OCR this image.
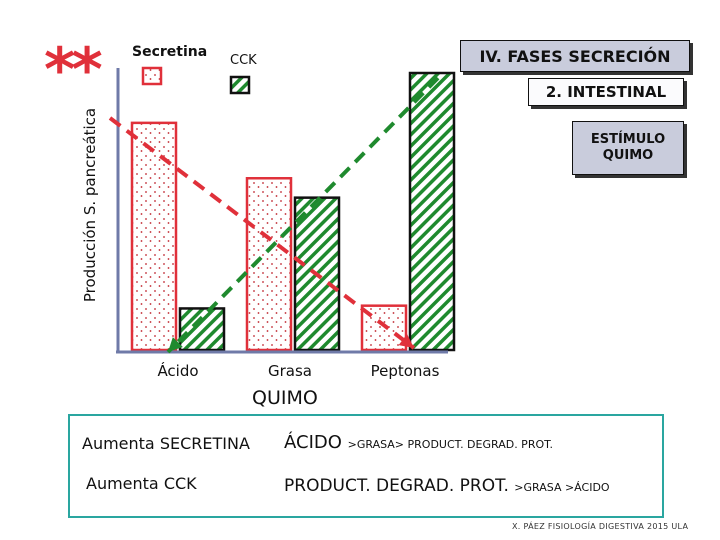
Ácido	Grasa	Peptonas
**
Producción S. pancreática
Secretina
CCK	IV. FASES SECRECIÓN
2. INTESTINAL
ESTÍMULO
QUIMO
QUIMO
Aumenta SECRETINA ÁCIDO >GRASA> PRODUCT. DEGRAD. PROT.
Aumenta CCK	PRODUCT. DEGRAD. PROT. >GRASA >ÁCIDO
X. PÁEZ FISIOLOGÍA DIGESTIVA 2015 ULA
